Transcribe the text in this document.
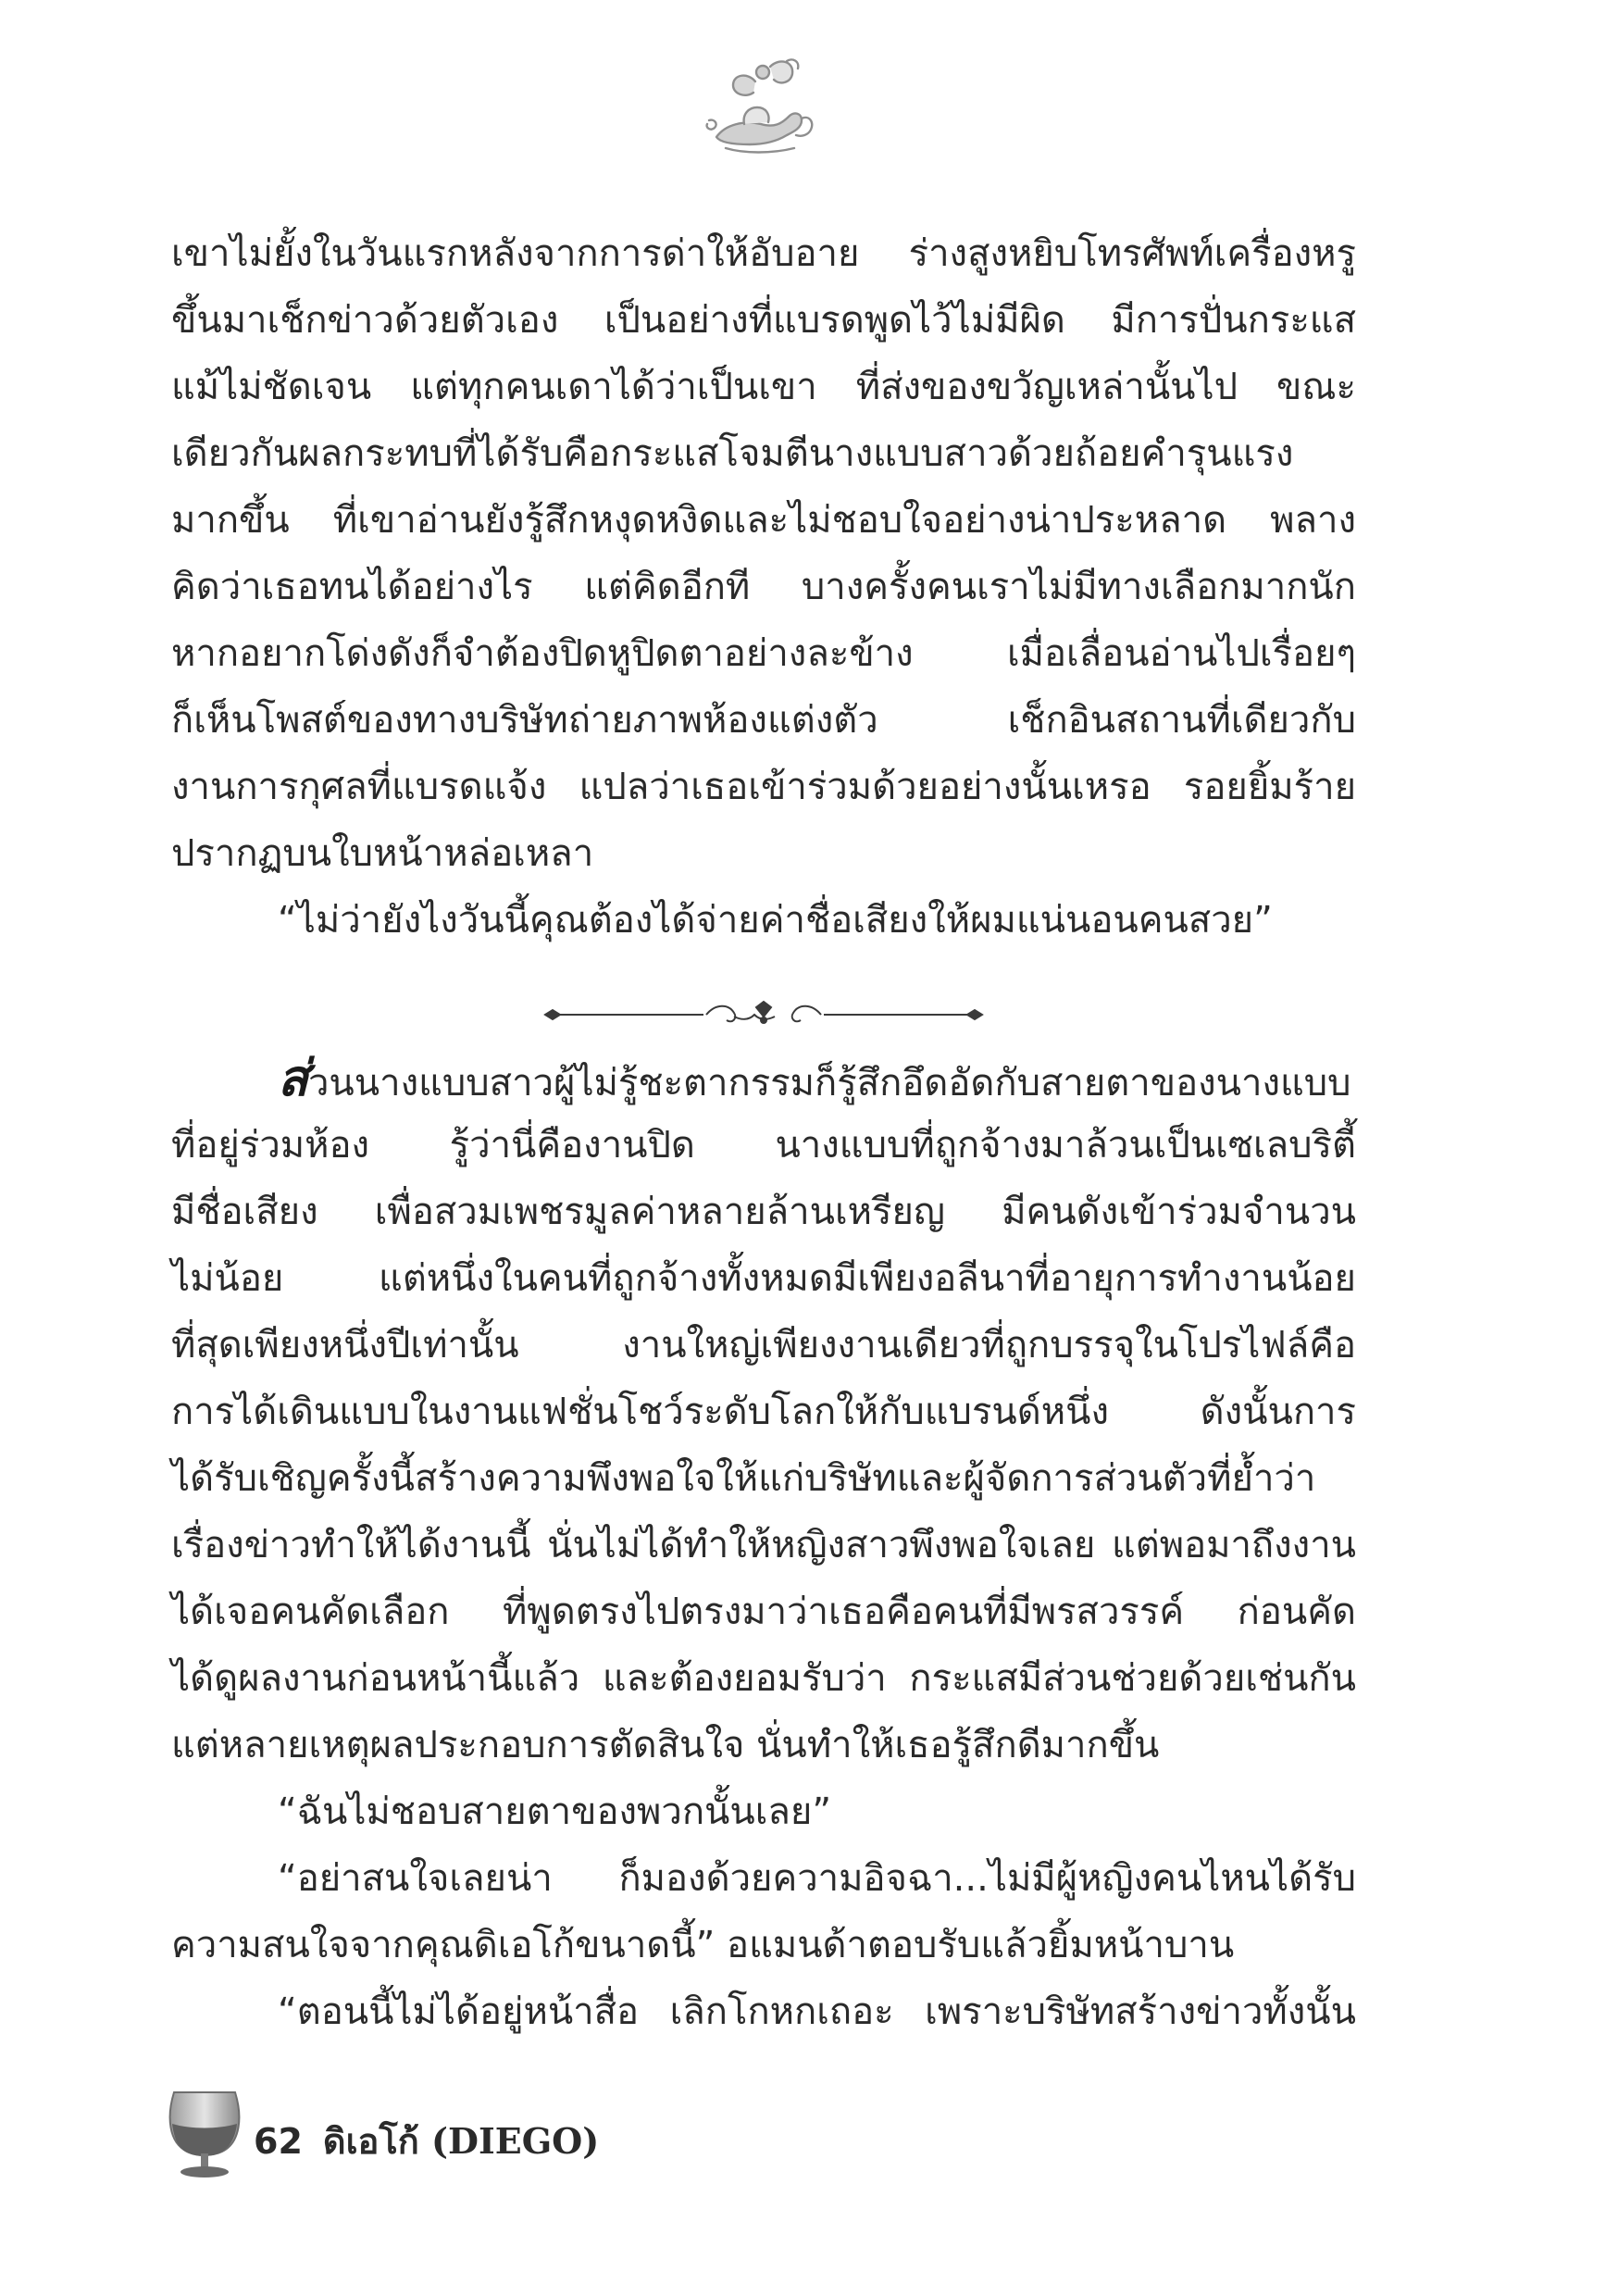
เขาไม่ยั้งในวันแรกหลังจากการด่าให้อับอาย ร่างสูงหยิบโทรศัพท์เครื่องหรู
ขึ้นมาเช็กข่าวด้วยตัวเอง เป็นอย่างที่แบรดพูดไว้ไม่มีผิด มีการปั่นกระแส
แม้ไม่ชัดเจน แต่ทุกคนเดาได้ว่าเป็นเขา ที่ส่งของขวัญเหล่านั้นไป ขณะ
เดียวกันผลกระทบที่ได้รับคือกระแสโจมตีนางแบบสาวด้วยถ้อยคำรุนแรง
มากขึ้น ที่เขาอ่านยังรู้สึกหงุดหงิดและไม่ชอบใจอย่างน่าประหลาด พลาง
คิดว่าเธอทนได้อย่างไร แต่คิดอีกที บางครั้งคนเราไม่มีทางเลือกมากนัก
หากอยากโด่งดังก็จำต้องปิดหูปิดตาอย่างละข้าง เมื่อเลื่อนอ่านไปเรื่อยๆ
ก็เห็นโพสต์ของทางบริษัทถ่ายภาพห้องแต่งตัว เช็กอินสถานที่เดียวกับ
งานการกุศลที่แบรดแจ้ง แปลว่าเธอเข้าร่วมด้วยอย่างนั้นเหรอ รอยยิ้มร้าย
ปรากฏบนใบหน้าหล่อเหลา
“ไม่ว่ายังไงวันนี้คุณต้องได้จ่ายค่าชื่อเสียงให้ผมแน่นอนคนสวย”
ส่วนนางแบบสาวผู้ไม่รู้ชะตากรรมก็รู้สึกอึดอัดกับสายตาของนางแบบ
ที่อยู่ร่วมห้อง รู้ว่านี่คืองานปิด นางแบบที่ถูกจ้างมาล้วนเป็นเซเลบริตี้
มีชื่อเสียง เพื่อสวมเพชรมูลค่าหลายล้านเหรียญ มีคนดังเข้าร่วมจำนวน
ไม่น้อย แต่หนึ่งในคนที่ถูกจ้างทั้งหมดมีเพียงอลีนาที่อายุการทำงานน้อย
ที่สุดเพียงหนึ่งปีเท่านั้น งานใหญ่เพียงงานเดียวที่ถูกบรรจุในโปรไฟล์คือ
การได้เดินแบบในงานแฟชั่นโชว์ระดับโลกให้กับแบรนด์หนึ่ง ดังนั้นการ
ได้รับเชิญครั้งนี้สร้างความพึงพอใจให้แก่บริษัทและผู้จัดการส่วนตัวที่ย้ำว่า
เรื่องข่าวทำให้ได้งานนี้ นั่นไม่ได้ทำให้หญิงสาวพึงพอใจเลย แต่พอมาถึงงาน
ได้เจอคนคัดเลือก ที่พูดตรงไปตรงมาว่าเธอคือคนที่มีพรสวรรค์ ก่อนคัด
ได้ดูผลงานก่อนหน้านี้แล้ว และต้องยอมรับว่า กระแสมีส่วนช่วยด้วยเช่นกัน
แต่หลายเหตุผลประกอบการตัดสินใจ นั่นทำให้เธอรู้สึกดีมากขึ้น
“ฉันไม่ชอบสายตาของพวกนั้นเลย”
“อย่าสนใจเลยน่า ก็มองด้วยความอิจฉา...ไม่มีผู้หญิงคนไหนได้รับ
ความสนใจจากคุณดิเอโก้ขนาดนี้” อแมนด้าตอบรับแล้วยิ้มหน้าบาน
“ตอนนี้ไม่ได้อยู่หน้าสื่อ เลิกโกหกเถอะ เพราะบริษัทสร้างข่าวทั้งนั้น
62 ดิเอโก้ (DIEGO)
